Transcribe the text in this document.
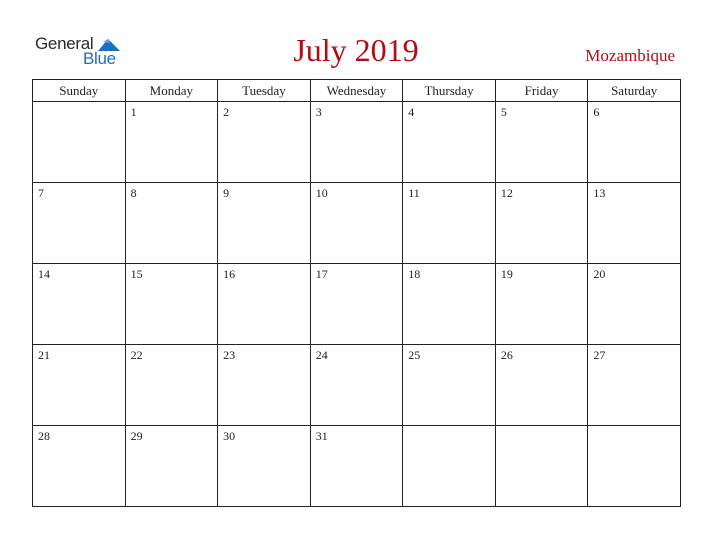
General
Blue	July 2019	Mozambique
Sunday	Monday	Tuesday	Wednesday	Thursday	Friday	Saturday
	1	2	3	4	5	6
7	8	9	10	11	12	13
14	15	16	17	18	19	20
21	22	23	24	25	26	27
28	29	30	31			
